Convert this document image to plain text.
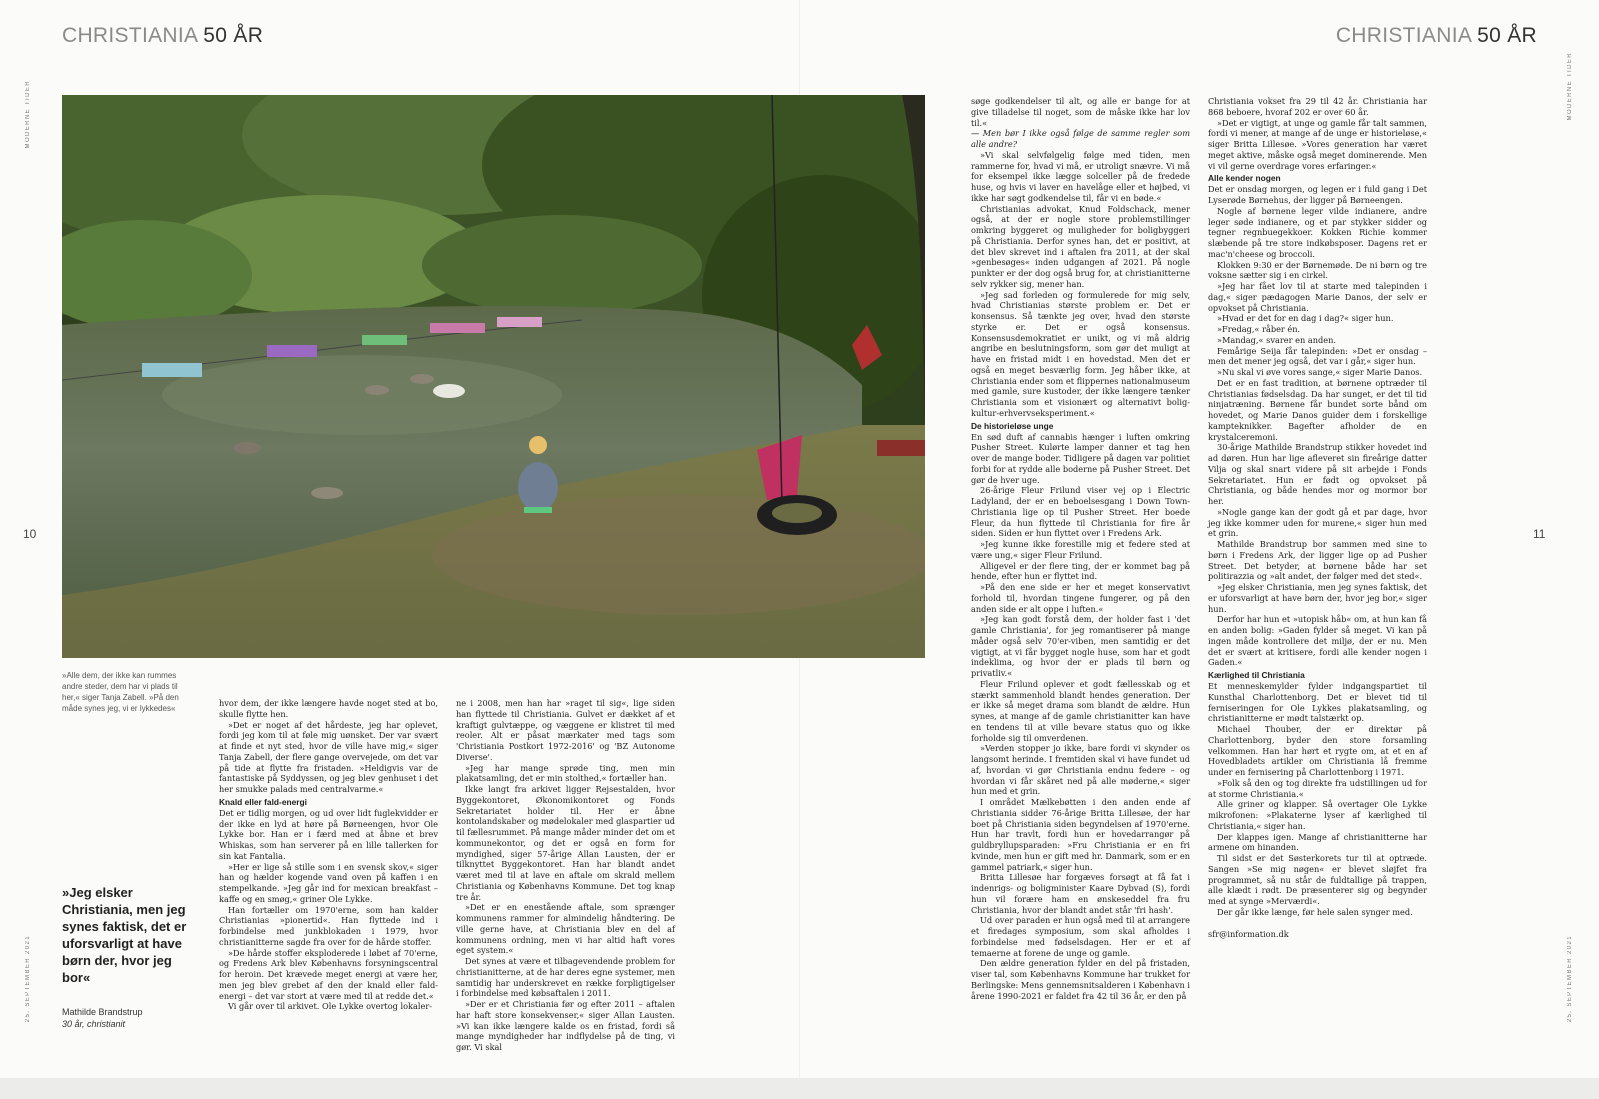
CHRISTIANIA 50 ÅR	CHRISTIANIA 50 ÅR
MODERNE TIDER
25. SEPTEMBER 2021
MODERNE TIDER
25. SEPTEMBER 2021
10	11
»Alle dem, der ikke kan rummes andre steder, dem har vi plads til her,« siger Tanja Zabell. »På den måde synes jeg, vi er lykkedes«
»Jeg elsker Christiania, men jeg synes faktisk, det er uforsvarligt at have børn der, hvor jeg bor«
Mathilde Brandstrup
30 år, christianit

hvor dem, der ikke længere havde noget sted at bo, skulle flytte hen.

»Det er noget af det hårdeste, jeg har oplevet, fordi jeg kom til at føle mig uønsket. Der var svært at finde et nyt sted, hvor de ville have mig,« siger Tanja Zabell, der flere gange overvejede, om det var på tide at flytte fra fristaden. »Heldigvis var de fantastiske på Syddyssen, og jeg blev genhuset i det her smukke palads med centralvarme.«

Knald eller fald-energi

Det er tidlig morgen, og ud over lidt fuglekvidder er der ikke en lyd at høre på Børneengen, hvor Ole Lykke bor. Han er i færd med at åbne et brev Whiskas, som han serverer på en lille tallerken for sin kat Fantalia.

»Her er lige så stille som i en svensk skov,« siger han og hælder kogende vand oven på kaffen i en stempelkande. »Jeg går ind for mexican breakfast – kaffe og en smøg,« griner Ole Lykke.

Han fortæller om 1970'erne, som han kalder Christianias »pionertid«. Han flyttede ind i forbindelse med junkblokaden i 1979, hvor christianitterne sagde fra over for de hårde stoffer.

»De hårde stoffer eksploderede i løbet af 70'erne, og Fredens Ark blev Københavns forsyningscentral for heroin. Det krævede meget energi at være her, men jeg blev grebet af den der knald eller fald-energi – det var stort at være med til at redde det.«

Vi går over til arkivet. Ole Lykke overtog lokaler-

ne i 2008, men han har »raget til sig«, lige siden han flyttede til Christiania. Gulvet er dækket af et kraftigt gulvtæppe, og væggene er klistret til med reoler. Alt er påsat mærkater med tags som 'Christiania Postkort 1972-2016' og 'BZ Autonome Diverse'.

»Jeg har mange sprøde ting, men min plakatsamling, det er min stolthed,« fortæller han.

Ikke langt fra arkivet ligger Rejsestalden, hvor Byggekontoret, Økonomikontoret og Fonds Sekretariatet holder til. Her er åbne kontolandskaber og mødelokaler med glaspartier ud til fællesrummet. På mange måder minder det om et kommunekontor, og det er også en form for myndighed, siger 57-årige Allan Lausten, der er tilknyttet Byggekontoret. Han har blandt andet været med til at lave en aftale om skrald mellem Christiania og Københavns Kommune. Det tog knap tre år.

»Det er en enestående aftale, som sprænger kommunens rammer for almindelig håndtering. De ville gerne have, at Christiania blev en del af kommunens ordning, men vi har altid haft vores eget system.«

Det synes at være et tilbagevendende problem for christianitterne, at de har deres egne systemer, men samtidig har underskrevet en række forpligtigelser i forbindelse med købsaftalen i 2011.

»Der er et Christiania før og efter 2011 – aftalen har haft store konsekvenser,« siger Allan Lausten. »Vi kan ikke længere kalde os en fristad, fordi så mange myndigheder har indflydelse på de ting, vi gør. Vi skal

søge godkendelser til alt, og alle er bange for at give tilladelse til noget, som de måske ikke har lov til.«

— Men bør I ikke også følge de samme regler som alle andre?

»Vi skal selvfølgelig følge med tiden, men rammerne for, hvad vi må, er utroligt snævre. Vi må for eksempel ikke lægge solceller på de fredede huse, og hvis vi laver en havelåge eller et højbed, vi ikke har søgt godkendelse til, får vi en bøde.«

Christianias advokat, Knud Foldschack, mener også, at der er nogle store problemstillinger omkring byggeret og muligheder for boligbyggeri på Christiania. Derfor synes han, det er positivt, at det blev skrevet ind i aftalen fra 2011, at der skal »genbesøges« inden udgangen af 2021. På nogle punkter er der dog også brug for, at christianitterne selv rykker sig, mener han.

»Jeg sad forleden og formulerede for mig selv, hvad Christianias største problem er. Det er konsensus. Så tænkte jeg over, hvad den største styrke er. Det er også konsensus. Konsensusdemokratiet er unikt, og vi må aldrig angribe en beslutningsform, som gør det muligt at have en fristad midt i en hovedstad. Men det er også en meget besværlig form. Jeg håber ikke, at Christiania ender som et flippernes nationalmuseum med gamle, sure kustoder, der ikke længere tænker Christiania som et visionært og alternativt bolig-kultur-erhvervseksperiment.«

De historieløse unge

En sød duft af cannabis hænger i luften omkring Pusher Street. Kulørte lamper danner et tag hen over de mange boder. Tidligere på dagen var politiet forbi for at rydde alle boderne på Pusher Street. Det gør de hver uge.

26-årige Fleur Frilund viser vej op i Electric Ladyland, der er en beboelsesgang i Down Town-Christiania lige op til Pusher Street. Her boede Fleur, da hun flyttede til Christiania for fire år siden. Siden er hun flyttet over i Fredens Ark.

»Jeg kunne ikke forestille mig et federe sted at være ung,« siger Fleur Frilund.

Alligevel er der flere ting, der er kommet bag på hende, efter hun er flyttet ind.

»På den ene side er her et meget konservativt forhold til, hvordan tingene fungerer, og på den anden side er alt oppe i luften.«

»Jeg kan godt forstå dem, der holder fast i 'det gamle Christiania', for jeg romantiserer på mange måder også selv 70'er-viben, men samtidig er det vigtigt, at vi får bygget nogle huse, som har et godt indeklima, og hvor der er plads til børn og privatliv.«

Fleur Frilund oplever et godt fællesskab og et stærkt sammenhold blandt hendes generation. Der er ikke så meget drama som blandt de ældre. Hun synes, at mange af de gamle christianitter kan have en tendens til at ville bevare status quo og ikke forholde sig til omverdenen.

»Verden stopper jo ikke, bare fordi vi skynder os langsomt herinde. I fremtiden skal vi have fundet ud af, hvordan vi gør Christiania endnu federe – og hvordan vi får skåret ned på alle møderne,« siger hun med et grin.

I området Mælkebøtten i den anden ende af Christiania sidder 76-årige Britta Lillesøe, der har boet på Christiania siden begyndelsen af 1970'erne. Hun har travlt, fordi hun er hovedarrangør på guldbryllupsparaden: »Fru Christiania er en fri kvinde, men hun er gift med hr. Danmark, som er en gammel patriark,« siger hun.

Britta Lillesøe har forgæves forsøgt at få fat i indenrigs- og boligminister Kaare Dybvad (S), fordi hun vil forære ham en ønskeseddel fra fru Christiania, hvor der blandt andet står 'fri hash'.

Ud over paraden er hun også med til at arrangere et firedages symposium, som skal afholdes i forbindelse med fødselsdagen. Her er et af temaerne at forene de unge og gamle.

Den ældre generation fylder en del på fristaden, viser tal, som Københavns Kommune har trukket for Berlingske: Mens gennemsnitsalderen i København i årene 1990-2021 er faldet fra 42 til 36 år, er den på

Christiania vokset fra 29 til 42 år. Christiania har 868 beboere, hvoraf 202 er over 60 år.

»Det er vigtigt, at unge og gamle får talt sammen, fordi vi mener, at mange af de unge er historieløse,« siger Britta Lillesøe. »Vores generation har været meget aktive, måske også meget dominerende. Men vi vil gerne overdrage vores erfaringer.«

Alle kender nogen

Det er onsdag morgen, og legen er i fuld gang i Det Lyserøde Børnehus, der ligger på Børneengen.

Nogle af børnene leger vilde indianere, andre leger søde indianere, og et par stykker sidder og tegner regnbuegekkoer. Kokken Richie kommer slæbende på tre store indkøbsposer. Dagens ret er mac'n'cheese og broccoli.

Klokken 9:30 er der Børnemøde. De ni børn og tre voksne sætter sig i en cirkel.

»Jeg har fået lov til at starte med talepinden i dag,« siger pædagogen Marie Danos, der selv er opvokset på Christiania.

»Hvad er det for en dag i dag?« siger hun.

»Fredag,« råber én.

»Mandag,« svarer en anden.

Femårige Seija får talepinden: »Det er onsdag – men det mener jeg også, det var i går,« siger hun.

»Nu skal vi øve vores sange,« siger Marie Danos.

Det er en fast tradition, at børnene optræder til Christianias fødselsdag. Da har sunget, er det til tid ninjatræning. Børnene får bundet sorte bånd om hovedet, og Marie Danos guider dem i forskellige kampteknikker. Bagefter afholder de en krystalceremoni.

30-årige Mathilde Brandstrup stikker hovedet ind ad døren. Hun har lige afleveret sin fireårige datter Vilja og skal snart videre på sit arbejde i Fonds Sekretariatet. Hun er født og opvokset på Christiania, og både hendes mor og mormor bor her.

»Nogle gange kan der godt gå et par dage, hvor jeg ikke kommer uden for murene,« siger hun med et grin.

Mathilde Brandstrup bor sammen med sine to børn i Fredens Ark, der ligger lige op ad Pusher Street. Det betyder, at børnene både har set politirazzia og »alt andet, der følger med det sted«.

»Jeg elsker Christiania, men jeg synes faktisk, det er uforsvarligt at have børn der, hvor jeg bor,« siger hun.

Derfor har hun et »utopisk håb« om, at hun kan få en anden bolig: »Gaden fylder så meget. Vi kan på ingen måde kontrollere det miljø, der er nu. Men det er svært at kritisere, fordi alle kender nogen i Gaden.«

Kærlighed til Christiania

Et menneskemylder fylder indgangspartiet til Kunsthal Charlottenborg. Det er blevet tid til ferniseringen for Ole Lykkes plakatsamling, og christianitterne er mødt talstærkt op.

Michael Thouber, der er direktør på Charlottenborg, byder den store forsamling velkommen. Han har hørt et rygte om, at et en af Hovedbladets artikler om Christiania lå fremme under en fernisering på Charlottenborg i 1971.

»Folk så den og tog direkte fra udstillingen ud for at storme Christiania.«

Alle griner og klapper. Så overtager Ole Lykke mikrofonen: »Plakaterne lyser af kærlighed til Christiania,« siger han.

Der klappes igen. Mange af christianitterne har armene om hinanden.

Til sidst er det Søsterkorets tur til at optræde. Sangen »Se mig nøgen« er blevet sløjfet fra programmet, så nu står de fuldtallige på trappen, alle klædt i rødt. De præsenterer sig og begynder med at synge »Merværdi«.

Der går ikke længe, før hele salen synger med.

sfr@information.dk
